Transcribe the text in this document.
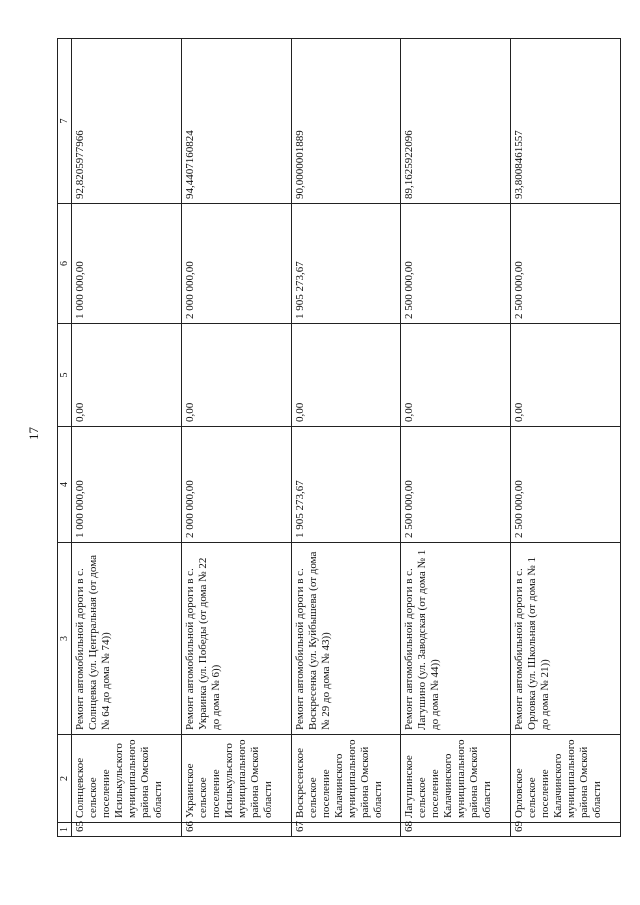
17
1	2	3	4	5	6	7
65	Солнцевское сельское поселение Исилькульского муниципального района Омской области	Ремонт автомобильной дороги в с. Солнцевка (ул. Центральная (от дома № 64 до дома № 74))	1 000 000,00	0,00	1 000 000,00	92,8205977966
66	Украинское сельское поселение Исилькульского муниципального района Омской области	Ремонт автомобильной дороги в с. Украинка (ул. Победы (от дома № 22 до дома № 6))	2 000 000,00	0,00	2 000 000,00	94,4407160824
67	Воскресенское сельское поселение Калачинского муниципального района Омской области	Ремонт автомобильной дороги в с. Воскресенка (ул. Куйбышева (от дома № 29 до дома № 43))	1 905 273,67	0,00	1 905 273,67	90,0000001889
68	Лагушинское сельское поселение Калачинского муниципального района Омской области	Ремонт автомобильной дороги в с. Лагушино (ул. Заводская (от дома № 1 до дома № 44))	2 500 000,00	0,00	2 500 000,00	89,1625922096
69	Орловское сельское поселение Калачинского муниципального района Омской области	Ремонт автомобильной дороги в с. Орловка (ул. Школьная (от дома № 1 до дома № 21))	2 500 000,00	0,00	2 500 000,00	93,8008461557
